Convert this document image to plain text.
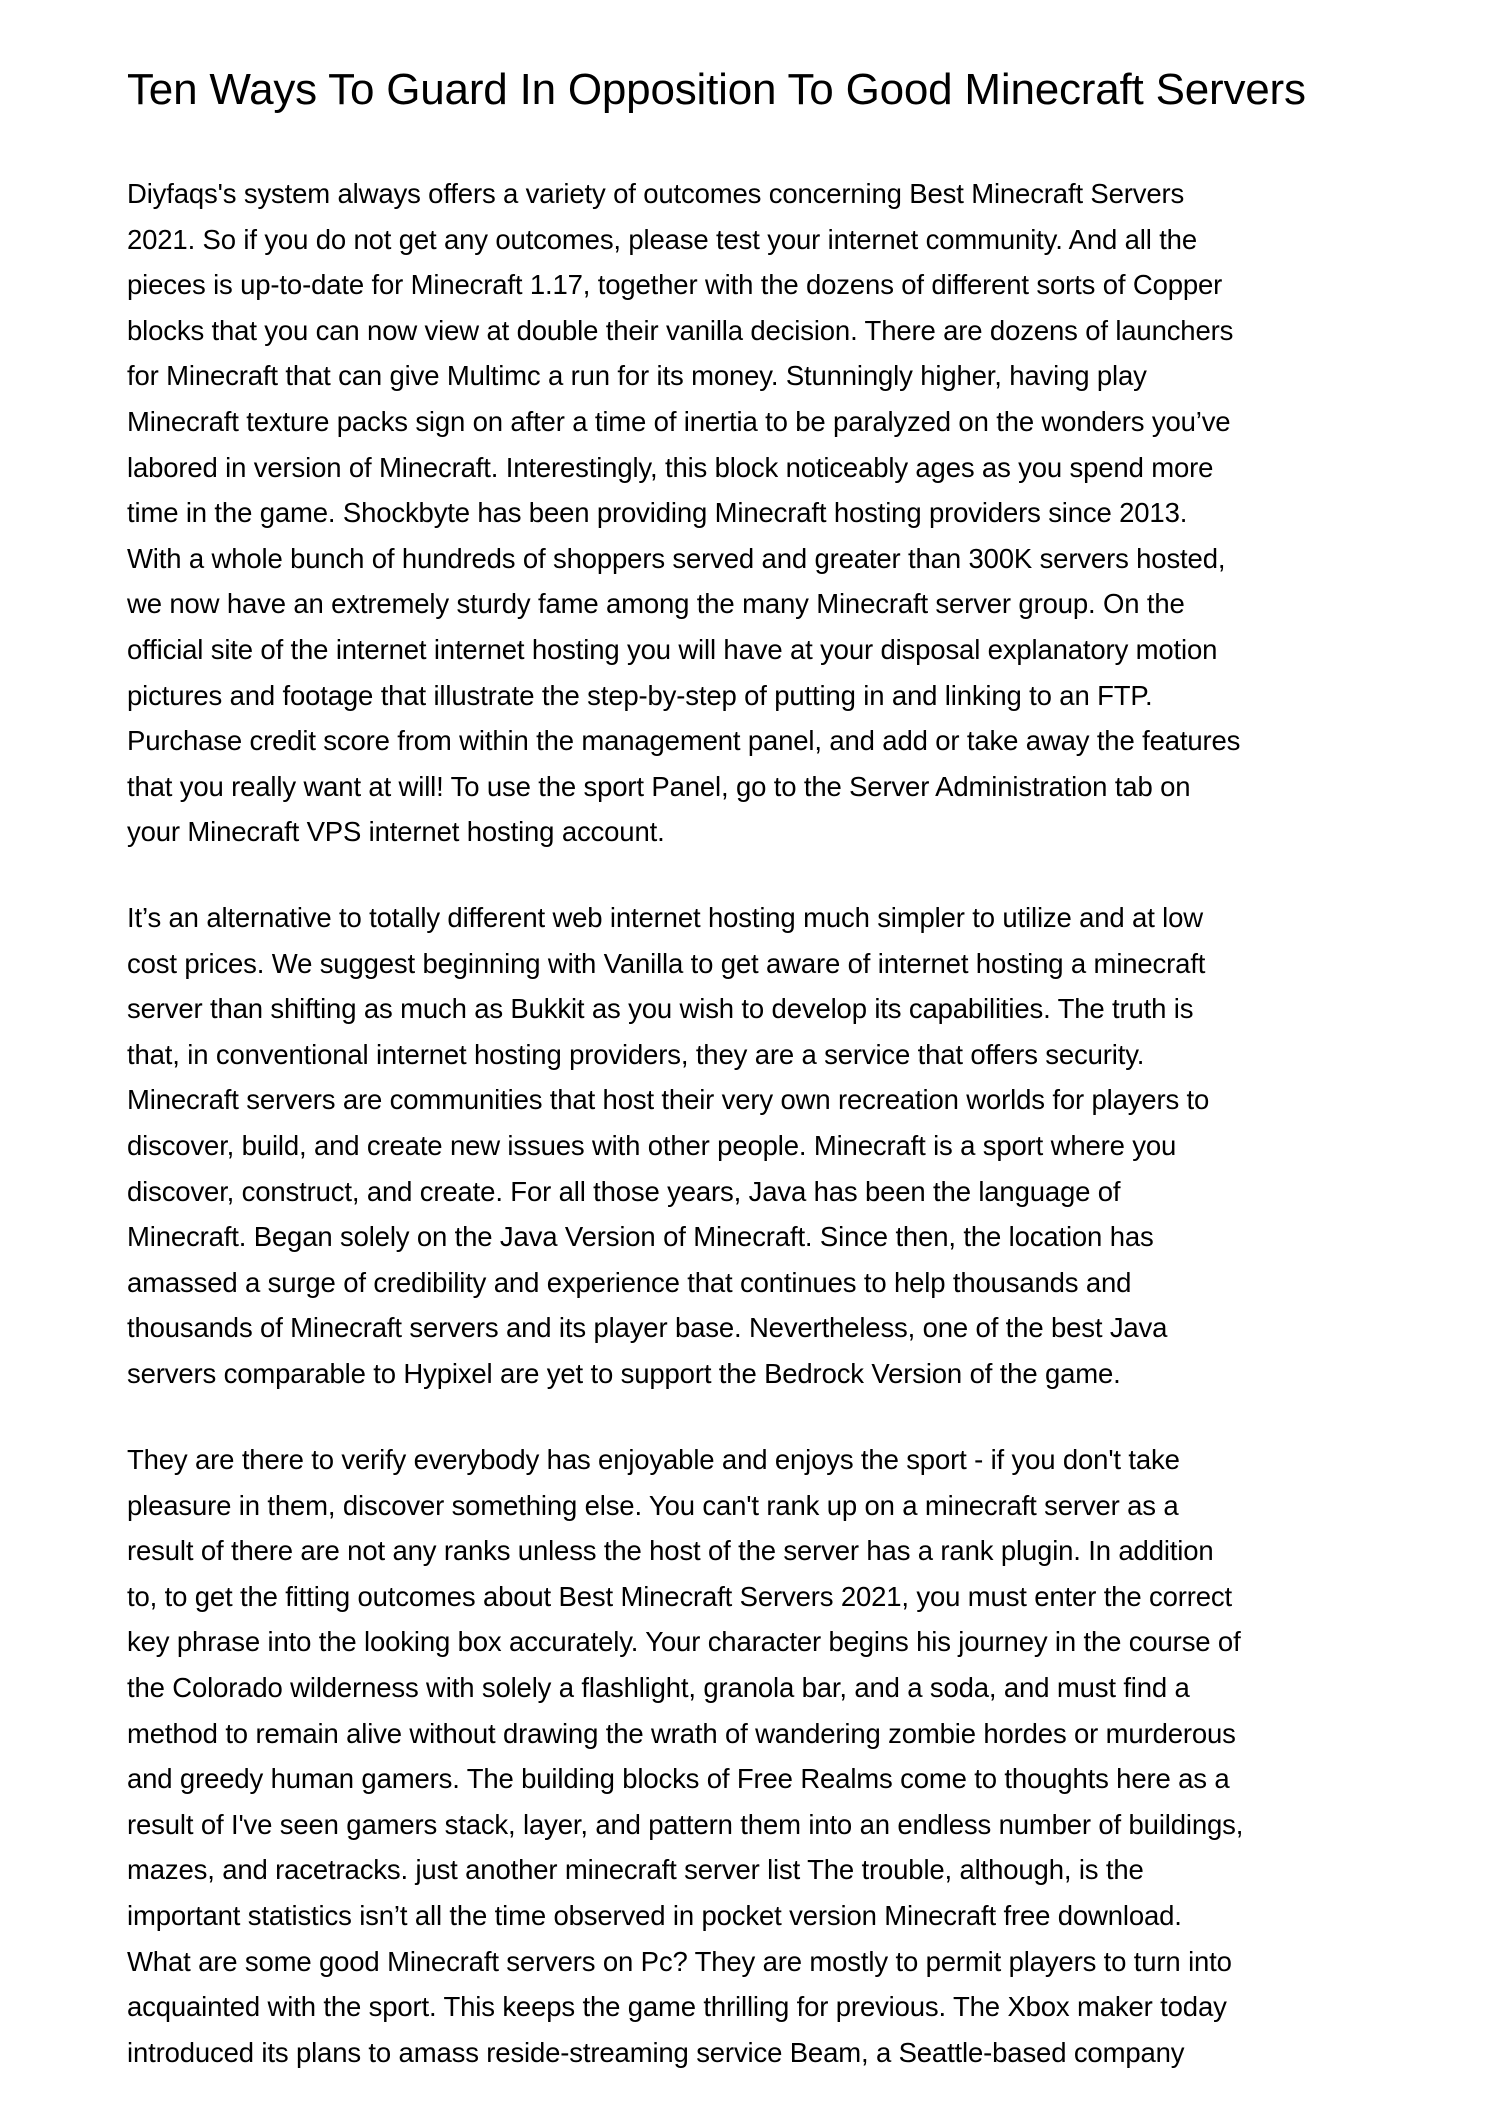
Ten Ways To Guard In Opposition To Good Minecraft Servers

Diyfaqs's system always offers a variety of outcomes concerning Best Minecraft Servers
2021. So if you do not get any outcomes, please test your internet community. And all the
pieces is up-to-date for Minecraft 1.17, together with the dozens of different sorts of Copper
blocks that you can now view at double their vanilla decision. There are dozens of launchers
for Minecraft that can give Multimc a run for its money. Stunningly higher, having play
Minecraft texture packs sign on after a time of inertia to be paralyzed on the wonders you’ve
labored in version of Minecraft. Interestingly, this block noticeably ages as you spend more
time in the game. Shockbyte has been providing Minecraft hosting providers since 2013.
With a whole bunch of hundreds of shoppers served and greater than 300K servers hosted,
we now have an extremely sturdy fame among the many Minecraft server group. On the
official site of the internet internet hosting you will have at your disposal explanatory motion
pictures and footage that illustrate the step-by-step of putting in and linking to an FTP.
Purchase credit score from within the management panel, and add or take away the features
that you really want at will! To use the sport Panel, go to the Server Administration tab on
your Minecraft VPS internet hosting account.

It’s an alternative to totally different web internet hosting much simpler to utilize and at low
cost prices. We suggest beginning with Vanilla to get aware of internet hosting a minecraft
server than shifting as much as Bukkit as you wish to develop its capabilities. The truth is
that, in conventional internet hosting providers, they are a service that offers security.
Minecraft servers are communities that host their very own recreation worlds for players to
discover, build, and create new issues with other people. Minecraft is a sport where you
discover, construct, and create. For all those years, Java has been the language of
Minecraft. Began solely on the Java Version of Minecraft. Since then, the location has
amassed a surge of credibility and experience that continues to help thousands and
thousands of Minecraft servers and its player base. Nevertheless, one of the best Java
servers comparable to Hypixel are yet to support the Bedrock Version of the game.

They are there to verify everybody has enjoyable and enjoys the sport - if you don't take
pleasure in them, discover something else. You can't rank up on a minecraft server as a
result of there are not any ranks unless the host of the server has a rank plugin. In addition
to, to get the fitting outcomes about Best Minecraft Servers 2021, you must enter the correct
key phrase into the looking box accurately. Your character begins his journey in the course of
the Colorado wilderness with solely a flashlight, granola bar, and a soda, and must find a
method to remain alive without drawing the wrath of wandering zombie hordes or murderous
and greedy human gamers. The building blocks of Free Realms come to thoughts here as a
result of I've seen gamers stack, layer, and pattern them into an endless number of buildings,
mazes, and racetracks. just another minecraft server list The trouble, although, is the
important statistics isn’t all the time observed in pocket version Minecraft free download.
What are some good Minecraft servers on Pc? They are mostly to permit players to turn into
acquainted with the sport. This keeps the game thrilling for previous. The Xbox maker today
introduced its plans to amass reside-streaming service Beam, a Seattle-based company
